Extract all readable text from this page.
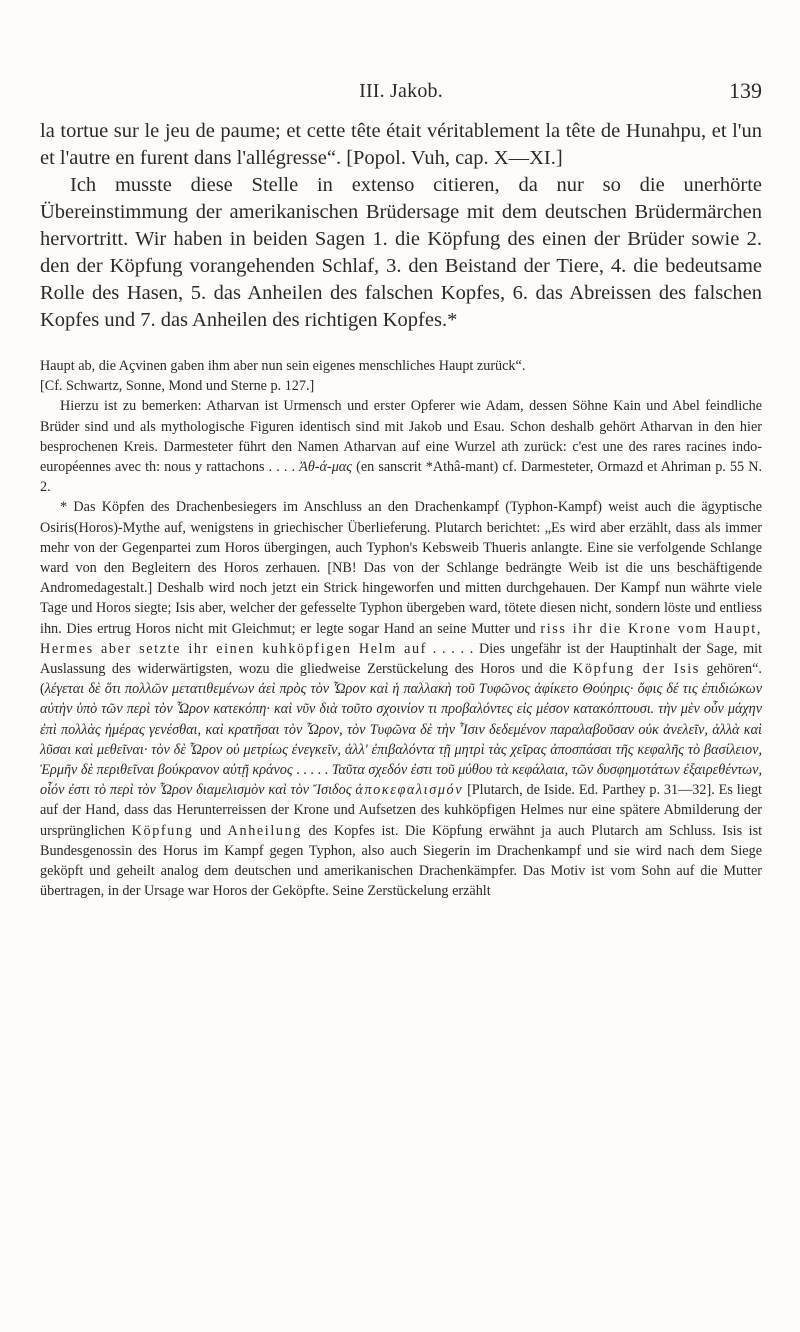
III. Jakob.	139

la tortue sur le jeu de paume; et cette tête était véritablement la tête de Hunahpu, et l'un et l'autre en furent dans l'allégresse“. [Popol. Vuh, cap. X—XI.]

Ich musste diese Stelle in extenso citieren, da nur so die unerhörte Übereinstimmung der amerikanischen Brüdersage mit dem deutschen Brüdermärchen hervortritt. Wir haben in beiden Sagen 1. die Köpfung des einen der Brüder sowie 2. den der Köpfung vorangehenden Schlaf, 3. den Beistand der Tiere, 4. die bedeutsame Rolle des Hasen, 5. das Anheilen des falschen Kopfes, 6. das Abreissen des falschen Kopfes und 7. das Anheilen des richtigen Kopfes.*

Haupt ab, die Açvinen gaben ihm aber nun sein eigenes menschliches Haupt zurück“.

[Cf. Schwartz, Sonne, Mond und Sterne p. 127.]

Hierzu ist zu bemerken: Atharvan ist Urmensch und erster Opferer wie Adam, dessen Söhne Kain und Abel feindliche Brüder sind und als mythologische Figuren identisch sind mit Jakob und Esau. Schon deshalb gehört Atharvan in den hier besprochenen Kreis. Darmesteter führt den Namen Atharvan auf eine Wurzel ath zurück: c'est une des rares racines indo-européennes avec th: nous y rattachons . . . . Ἀθ-ά-μας (en sanscrit *Athâ-mant) cf. Darmesteter, Ormazd et Ahriman p. 55 N. 2.

* Das Köpfen des Drachenbesiegers im Anschluss an den Drachenkampf (Typhon-Kampf) weist auch die ägyptische Osiris(Horos)-Mythe auf, wenigstens in griechischer Überlieferung. Plutarch berichtet: „Es wird aber erzählt, dass als immer mehr von der Gegenpartei zum Horos übergingen, auch Typhon's Kebsweib Thueris anlangte. Eine sie verfolgende Schlange ward von den Begleitern des Horos zerhauen. [NB! Das von der Schlange bedrängte Weib ist die uns beschäftigende Andromedagestalt.] Deshalb wird noch jetzt ein Strick hingeworfen und mitten durchgehauen. Der Kampf nun währte viele Tage und Horos siegte; Isis aber, welcher der gefesselte Typhon übergeben ward, tötete diesen nicht, sondern löste und entliess ihn. Dies ertrug Horos nicht mit Gleichmut; er legte sogar Hand an seine Mutter und riss ihr die Krone vom Haupt, Hermes aber setzte ihr einen kuhköpfigen Helm auf . . . . . Dies ungefähr ist der Hauptinhalt der Sage, mit Auslassung des widerwärtigsten, wozu die gliedweise Zerstückelung des Horos und die Köpfung der Isis gehören“. (λέγεται δὲ ὅτι πολλῶν μετατιθεμένων ἀεὶ πρὸς τὸν Ὧρον καὶ ἡ παλλακὴ τοῦ Τυφῶνος ἀφίκετο Θούηρις· ὄφις δέ τις ἐπιδιώκων αὐτὴν ὑπὸ τῶν περὶ τὸν Ὧρον κατεκόπη· καὶ νῦν διὰ τοῦτο σχοινίον τι προβαλόντες εἰς μέσον κατακόπτουσι. τὴν μὲν οὖν μάχην ἐπὶ πολλὰς ἡμέρας γενέσθαι, καὶ κρατῆσαι τὸν Ὧρον, τὸν Τυφῶνα δὲ τὴν Ἶσιν δεδεμένον παραλαβοῦσαν οὐκ ἀνελεῖν, ἀλλὰ καὶ λῦσαι καὶ μεθεῖναι· τὸν δὲ Ὧρον οὐ μετρίως ἐνεγκεῖν, ἀλλ' ἐπιβαλόντα τῇ μητρὶ τὰς χεῖρας ἀποσπάσαι τῆς κεφαλῆς τὸ βασίλειον, Ἑρμῆν δὲ περιθεῖναι βούκρανον αὐτῇ κράνος . . . . . Ταῦτα σχεδόν ἐστι τοῦ μύθου τὰ κεφάλαια, τῶν δυσφημοτάτων ἐξαιρεθέντων, οἷόν ἐστι τὸ περὶ τὸν Ὧρον διαμελισμὸν καὶ τὸν Ἴσιδος ἀποκεφαλισμόν [Plutarch, de Iside. Ed. Parthey p. 31—32]. Es liegt auf der Hand, dass das Herunterreissen der Krone und Aufsetzen des kuhköpfigen Helmes nur eine spätere Abmilderung der ursprünglichen Köpfung und Anheilung des Kopfes ist. Die Köpfung erwähnt ja auch Plutarch am Schluss. Isis ist Bundesgenossin des Horus im Kampf gegen Typhon, also auch Siegerin im Drachenkampf und sie wird nach dem Siege geköpft und geheilt analog dem deutschen und amerikanischen Drachenkämpfer. Das Motiv ist vom Sohn auf die Mutter übertragen, in der Ursage war Horos der Geköpfte. Seine Zerstückelung erzählt
